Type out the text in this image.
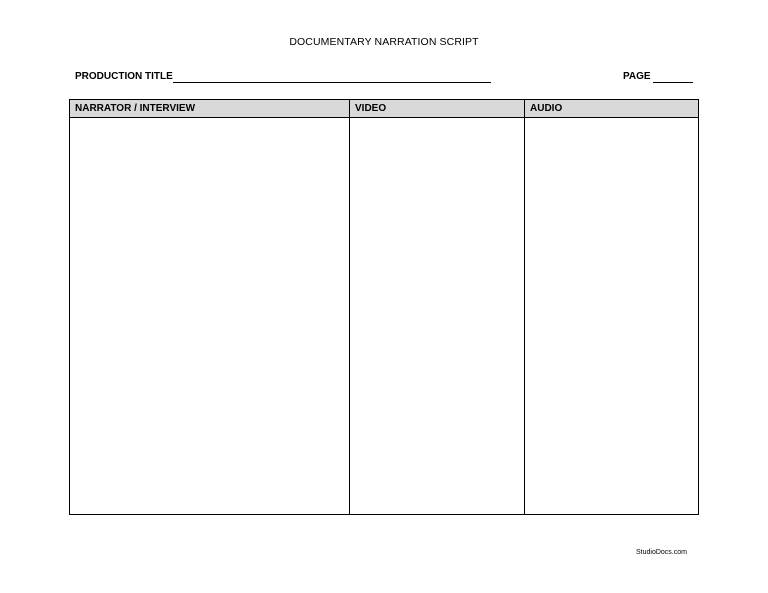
DOCUMENTARY NARRATION SCRIPT
PRODUCTION TITLE	PAGE
NARRATOR / INTERVIEW	VIDEO	AUDIO
StudioDocs.com
